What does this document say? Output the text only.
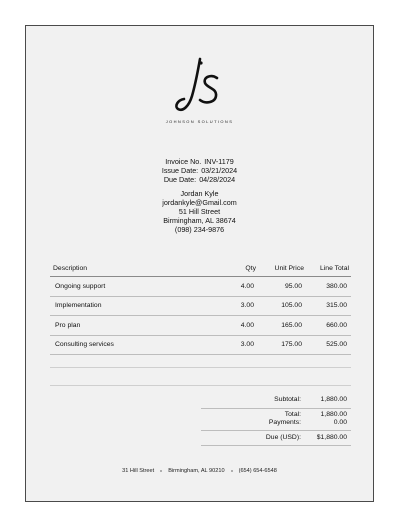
JOHNSON SOLUTIONS
Invoice No. INV-1179
Issue Date: 03/21/2024
Due Date: 04/28/2024
Jordan Kyle
jordankyle@Gmail.com
51 Hill Street
Birmingham, AL 38674
(098) 234-9876
Description	Qty	Unit Price	Line Total
Ongoing support	4.00	95.00	380.00
Implementation	3.00	105.00	315.00
Pro plan	4.00	165.00	660.00
Consulting services	3.00	175.00	525.00
Subtotal:	1,880.00
Total:	1,880.00
Payments:	0.00
Due (USD):	$1,880.00
31 Hill Street	Birmingham, AL 90210	(654) 654-6548
